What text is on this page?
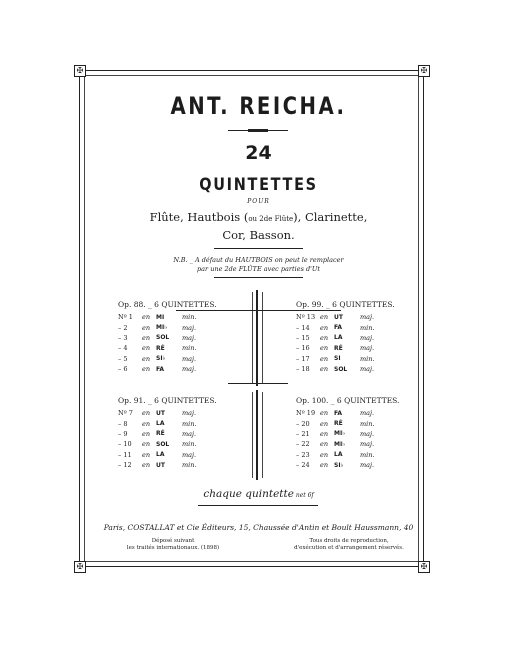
✠	✠
✠	✠
ANT. REICHA.
24
QUINTETTES
POUR
Flûte, Hautbois (ou 2de Flûte), Clarinette,
Cor, Basson.
N.B. _ A défaut du HAUTBOIS on peut le remplacer
par une 2de FLÛTE avec parties d'Ut
Op. 88. _ 6 QUINTETTES.
Nº 1	en MI	min.
– 2	en MI♭	maj.
– 3	en SOL	maj.
– 4	en RÉ	min.
– 5	en SI♭	maj.
– 6	en FA	maj.
Op. 99. _ 6 QUINTETTES.
Nº 13 en UT	maj.
– 14	en FA	min.
– 15	en LA	maj.
– 16	en RÉ	maj.
– 17	en SI	min.
– 18	en SOL	maj.
Op. 91. _ 6 QUINTETTES.
Nº 7	en UT	maj.
– 8	en LA	min.
– 9	en RÉ	maj.
– 10	en SOL	min.
– 11	en LA	maj.
– 12	en UT	min.
Op. 100. _ 6 QUINTETTES.
Nº 19 en FA	maj.
– 20	en RÉ	min.
– 21	en MI♭	maj.
– 22	en MI♭	maj.
– 23	en LA	min.
– 24	en SI♭	maj.
chaque quintette net 6f
Paris, COSTALLAT et Cie Éditeurs, 15, Chaussée d'Antin et Boult Haussmann, 40
Déposé suivant
les traités internationaux. (1898)
Tous droits de reproduction,
d'exécution et d'arrangement réservés.
